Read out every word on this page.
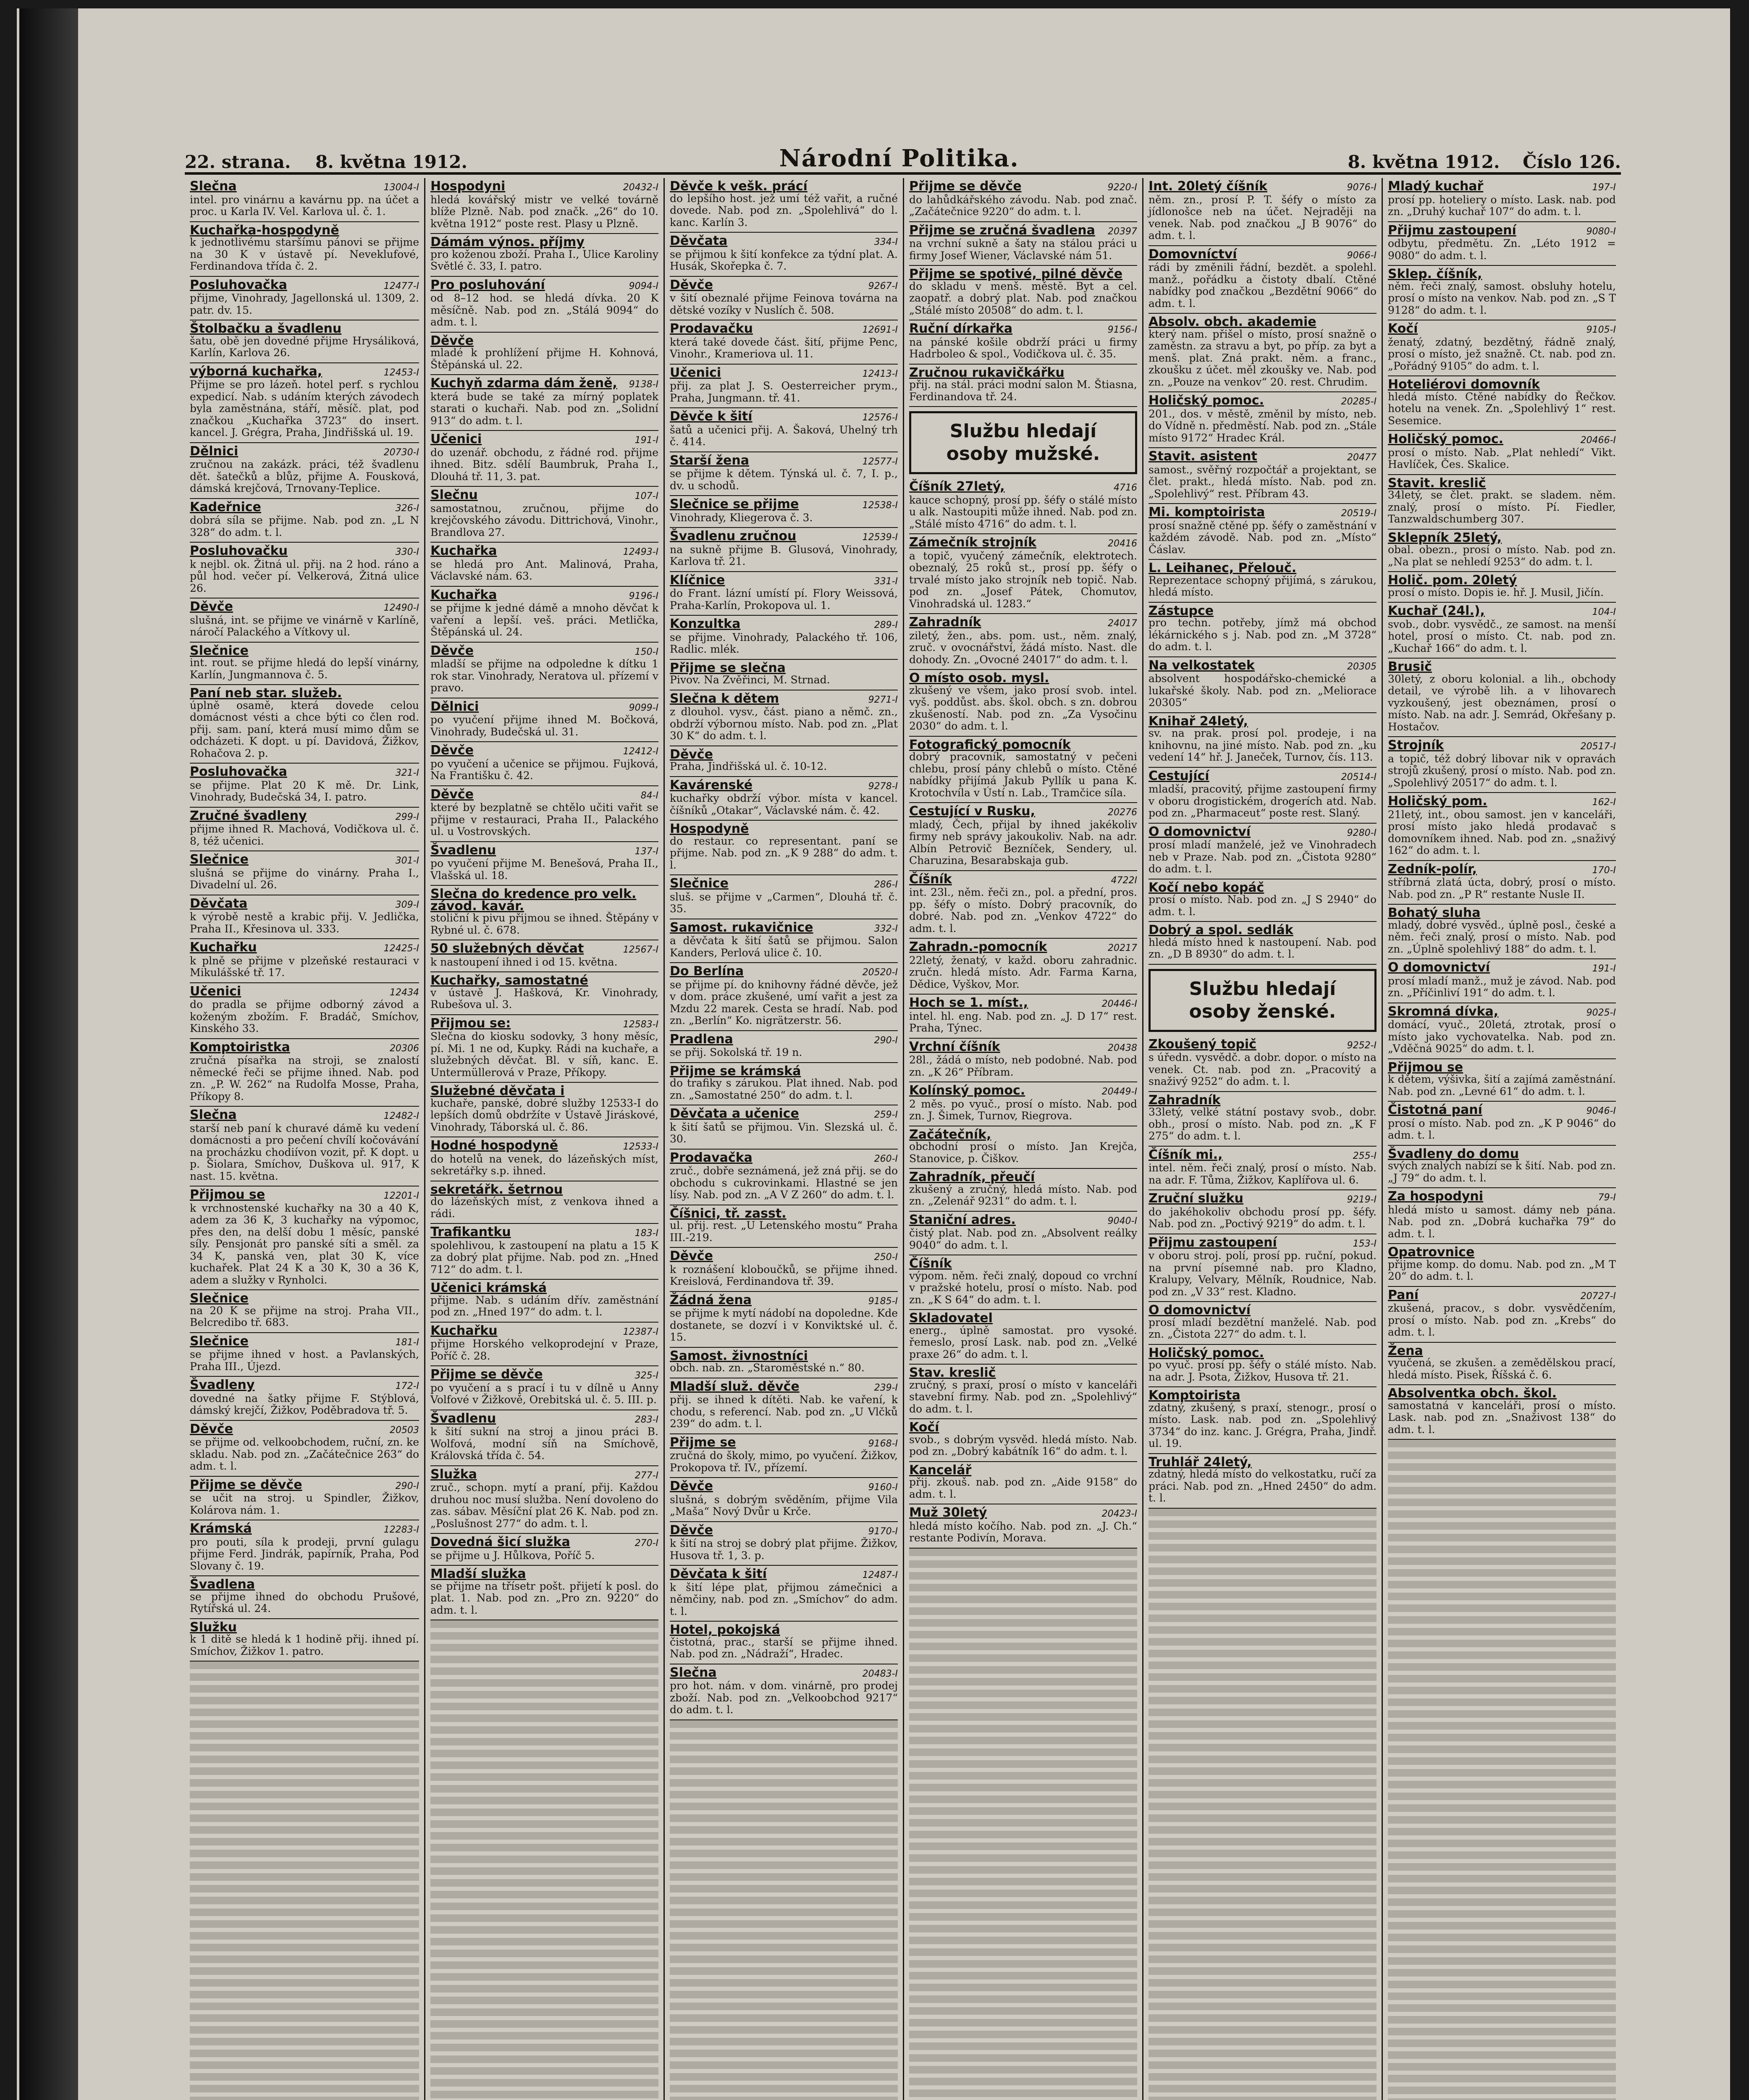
22. strana. 8. května 1912.	Národní Politika.	8. května 1912. Číslo 126.
Slečna	13004-I
intel. pro vinárnu a kavárnu pp. na účet a proc. u Karla IV. Vel. Karlova ul. č. 1.
Kuchařka-hospodyně
k jednotlivému staršímu pánovi se přijme na 30 K v ústavě pí. Neveklufové, Ferdinandova třída č. 2.
Posluhovačka	12477-I
přijme, Vinohrady, Jagellonská ul. 1309, 2. patr. dv. 15.
Štolbačku a švadlenu
šatu, obě jen dovedné přijme Hrysáliková, Karlín, Karlova 26.
výborná kuchařka,	12453-I
Přijme se pro lázeň. hotel perf. s rychlou expedicí. Nab. s udáním kterých závodech byla zaměstnána, stáří, měsíč. plat, pod značkou „Kuchařka 3723“ do insert. kancel. J. Grégra, Praha, Jindřišská ul. 19.
Dělnici	20730-I
zručnou na zakázk. práci, též švadlenu dět. šatečků a blůz, přijme A. Fousková, dámská krejčová, Trnovany-Teplice.
Kadeřnice	326-I
dobrá síla se přijme. Nab. pod zn. „L N 328“ do adm. t. l.
Posluhovačku	330-I
k nejbl. ok. Žitná ul. přij. na 2 hod. ráno a půl hod. večer pí. Velkerová, Žitná ulice 26.
Děvče	12490-I
slušná, int. se přijme ve vinárně v Karlíně, náročí Palackého a Vítkovy ul.
Slečnice
int. rout. se přijme hledá do lepší vinárny, Karlín, Jungmannova č. 5.
Paní neb star. služeb.
úplně osamě, která dovede celou domácnost vésti a chce býti co člen rod. přij. sam. paní, která musí mimo dům se odcházeti. K dopt. u pí. Davidová, Žižkov, Rohačova 2. p.
Posluhovačka	321-I
se přijme. Plat 20 K mě. Dr. Link, Vinohrady, Budečská 34, I. patro.
Zručné švadleny	299-I
přijme ihned R. Machová, Vodičkova ul. č. 8, též učenici.
Slečnice	301-I
slušná se přijme do vinárny. Praha I., Divadelní ul. 26.
Děvčata	309-I
k výrobě nestě a krabic přij. V. Jedlička, Praha II., Křesinova ul. 333.
Kuchařku	12425-I
k plně se přijme v plzeňské restauraci v Mikulášské tř. 17.
Učenici	12434
do pradla se přijme odborný závod a koženým zbožím. F. Bradáč, Smíchov, Kinského 33.
Komptoiristka	20306
zručná písařka na stroji, se znalostí německé řeči se přijme ihned. Nab. pod zn. „P. W. 262“ na Rudolfa Mosse, Praha, Příkopy 8.
Slečna	12482-I
starší neb paní k churavé dámě ku vedení domácnosti a pro pečení chvílí kočovávání na procházku chodiívon vozit, př. K dopt. u p. Šiolara, Smíchov, Duškova ul. 917, K nast. 15. května.
Přijmou se	12201-I
k vrchnostenské kuchařky na 30 a 40 K, adem za 36 K, 3 kuchařky na výpomoc, přes den, na delší dobu 1 měsíc, panské síly. Pensjonát pro panské síti a směl. za 34 K, panská ven, plat 30 K, více kuchařek. Plat 24 K a 30 K, 30 a 36 K, adem a služky v Rynholci.
Slečnice
na 20 K se přijme na stroj. Praha VII., Belcredibo tř. 683.
Slečnice	181-I
se přijme ihned v host. a Pavlanských, Praha III., Újezd.
Švadleny	172-I
dovedné na šatky přijme F. Stýblová, dámský krejčí, Žižkov, Poděbradova tř. 5.
Děvče	20503
se přijme od. velkoobchodem, ruční, zn. ke skladu. Nab. pod zn. „Začátečnice 263“ do adm. t. l.
Přijme se děvče	290-I
se učit na stroj. u Spindler, Žižkov, Kolárova nám. 1.
Krámská	12283-I
pro pouti, síla k prodeji, první gulagu přijme Ferd. Jindrák, papírník, Praha, Pod Slovany č. 19.
Švadlena
se přijme ihned do obchodu Prušové, Rytířská ul. 24.
Služku
k 1 ditě se hledá k 1 hodině přij. ihned pí. Smíchov, Žižkov 1. patro.
Hospodyni	20432-I
hledá kovářský mistr ve velké továrně blíže Plzně. Nab. pod značk. „26“ do 10. května 1912“ poste rest. Plasy u Plzně.
Dámám výnos. příjmy
pro koženou zboží. Praha I., Ulice Karoliny Světlé č. 33, I. patro.
Pro posluhování	9094-I
od 8–12 hod. se hledá dívka. 20 K měsíčně. Nab. pod zn. „Stálá 9094“ do adm. t. l.
Děvče
mladé k prohlížení přijme H. Kohnová, Štěpánská ul. 22.
Kuchyň zdarma dám ženě, 9138-I
která bude se také za mírný poplatek starati o kuchaři. Nab. pod zn. „Solidní 913“ do adm. t. l.
Učenici	191-I
do uzenář. obchodu, z řádné rod. přijme ihned. Bitz. sdělí Baumbruk, Praha I., Dlouhá tř. 11, 3. pat.
Slečnu	107-I
samostatnou, zručnou, přijme do krejčovského závodu. Dittrichová, Vinohr., Brandlova 27.
Kuchařka	12493-I
se hledá pro Ant. Malinová, Praha, Václavské nám. 63.
Kuchařka	9196-I
se přijme k jedné dámě a mnoho děvčat k vaření a lepší. veš. práci. Metlička, Štěpánská ul. 24.
Děvče	150-I
mladší se přijme na odpoledne k dítku 1 rok star. Vinohrady, Neratova ul. přízemí v pravo.
Dělnici	9099-I
po vyučení přijme ihned M. Bočková, Vinohrady, Budečská ul. 31.
Děvče	12412-I
po vyučení a učenice se přijmou. Fujková, Na Františku č. 42.
Děvče	84-I
které by bezplatně se chtělo učiti vařit se přijme v restauraci, Praha II., Palackého ul. u Vostrovských.
Švadlenu	137-I
po vyučení přijme M. Benešová, Praha II., Vlašská ul. 18.
Slečna do kredence pro velk. závod. kavár.
stoliční k pivu přijmou se ihned. Štěpány v Rybné ul. č. 678.
50 služebných děvčat	12567-I
k nastoupení ihned i od 15. května.
Kuchařky, samostatné
v ústavě J. Hašková, Kr. Vinohrady, Rubešova ul. 3.
Přijmou se:	12583-I
Slečna do kiosku sodovky, 3 hony měsíc, pí. Mi. 1 ne od, Kupky. Rádi na kuchaře, a služebných děvčat. Bl. v síň, kanc. E. Untermüllerová v Praze, Příkopy.
Služebné děvčata i
kuchaře, panské, dobré služby 12533-I do lepších domů obdržíte v Ústavě Jiráskové, Vinohrady, Táborská ul. č. 86.
Hodné hospodyně	12533-I
do hotelů na venek, do lázeňských míst, sekretářky s.p. ihned.
sekretářk. šetrnou
do lázeňských míst, z venkova ihned a rádi.
Trafikantku	183-I
spolehlivou, k zastoupení na platu a 15 K za dobrý plat přijme. Nab. pod zn. „Hned 712“ do adm. t. l.
Učenici krámská
přijme. Nab. s udáním dřív. zaměstnání pod zn. „Hned 197“ do adm. t. l.
Kuchařku	12387-I
přijme Horského velkoprodejní v Praze, Poříč č. 28.
Přijme se děvče	325-I
po vyučení a s prací i tu v dílně u Anny Volfové v Žižkově, Orebitská ul. č. 5. III. p.
Švadlenu	283-I
k šití sukní na stroj a jinou práci B. Wolfová, modní síň na Smíchově, Královská třída č. 54.
Služka	277-I
zruč., schopn. mytí a praní, přij. Každou druhou noc musí služba. Není dovoleno do zas. sábav. Měsíční plat 26 K. Nab. pod zn. „Poslušnost 277“ do adm. t. l.
Dovedná šicí služka	270-I
se přijme u J. Hůlkova, Poříč 5.
Mladší služka
se přijme na třísetr pošt. přijetí k posl. do plat. 1. Nab. pod zn. „Pro zn. 9220“ do adm. t. l.
Děvče k vešk. prácí
do lepšího host. jež umí též vařit, a ručné dovede. Nab. pod zn. „Spolehlivá“ do l. kanc. Karlín 3.
Děvčata	334-I
se přijmou k šití konfekce za týdní plat. A. Husák, Skořepka č. 7.
Děvče	9267-I
v šití obeznalé přijme Feinova továrna na dětské vozíky v Nuslích č. 508.
Prodavačku	12691-I
která také dovede část. šití, přijme Penc, Vinohr., Krameriova ul. 11.
Učenici	12413-I
přij. za plat J. S. Oesterreicher prym., Praha, Jungmann. tř. 41.
Děvče k šití	12576-I
šatů a učenici přij. A. Šaková, Uhelný trh č. 414.
Starší žena	12577-I
se přijme k dětem. Týnská ul. č. 7, I. p., dv. u schodů.
Slečnice se přijme	12538-I
Vinohrady, Kliegerova č. 3.
Švadlenu zručnou	12539-I
na sukně přijme B. Glusová, Vinohrady, Karlova tř. 21.
Klíčnice	331-I
do Frant. lázní umístí pí. Flory Weissová, Praha-Karlín, Prokopova ul. 1.
Konzultka	289-I
se přijme. Vinohrady, Palackého tř. 106, Radlic. mlék.
Přijme se slečna
Pivov. Na Zvěřinci, M. Strnad.
Slečna k dětem	9271-I
z dlouhol. vysv., část. piano a němč. zn., obdrží výbornou místo. Nab. pod zn. „Plat 30 K“ do adm. t. l.
Děvče
Praha, Jindřišská ul. č. 10-12.
Kavárenské	9278-I
kuchařky obdrží výbor. místa v kancel. číšníků „Otakar“, Václavské nám. č. 42.
Hospodyně
do restaur. co representant. paní se přijme. Nab. pod zn. „K 9 288“ do adm. t. l.
Slečnice	286-I
sluš. se přijme v „Carmen“, Dlouhá tř. č. 35.
Samost. rukavičnice	332-I
a děvčata k šití šatů se přijmou. Salon Kanders, Perlová ulice č. 10.
Do Berlína	20520-I
se přijme pí. do knihovny řádné děvče, jež v dom. práce zkušené, umí vařit a jest za Mzdu 22 marek. Cesta se hradí. Nab. pod zn. „Berlín“ Ko. nigrätzerstr. 56.
Pradlena	290-I
se přij. Sokolská tř. 19 n.
Přijme se krámská
do trafiky s zárukou. Plat ihned. Nab. pod zn. „Samostatné 250“ do adm. t. l.
Děvčata a učenice	259-I
k šití šatů se přijmou. Vin. Slezská ul. č. 30.
Prodavačka	260-I
zruč., dobře seznámená, jež zná přij. se do obchodu s cukrovinkami. Hlastné se jen lísy. Nab. pod zn. „A V Z 260“ do adm. t. l.
Číšnici, tř. zasst.
ul. přij. rest. „U Letenského mostu“ Praha III.-219.
Děvče	250-I
k roznášení kloboučků, se přijme ihned. Kreislová, Ferdinandova tř. 39.
Žádná žena	9185-I
se přijme k mytí nádobí na dopoledne. Kde dostanete, se dozví i v Konviktské ul. č. 15.
Samost. živnostníci
obch. nab. zn. „Staroměstské n.“ 80.
Mladší služ. děvče	239-I
přij. se ihned k dítěti. Nab. ke vaření, k chodu, s referencí. Nab. pod zn. „U Vlčků 239“ do adm. t. l.
Přijme se	9168-I
zručná do školy, mimo, po vyučení. Žižkov, Prokopova tř. IV., přízemí.
Děvče	9160-I
slušná, s dobrým svěděním, přijme Vila „Maša“ Nový Dvůr u Krče.
Děvče	9170-I
k šití na stroj se dobrý plat přijme. Žižkov, Husova tř. 1, 3. p.
Děvčata k šití	12487-I
k šití lépe plat, přijmou zámečnici a němčiny, nab. pod zn. „Smíchov“ do adm. t. l.
Hotel, pokojská
čistotná, prac., starší se přijme ihned. Nab. pod zn. „Nádraží“, Hradec.
Slečna	20483-I
pro hot. nám. v dom. vinárně, pro prodej zboží. Nab. pod zn. „Velkoobchod 9217“ do adm. t. l.
Přijme se děvče	9220-I
do lahůdkářského závodu. Nab. pod znač. „Začátečnice 9220“ do adm. t. l.
Přijme se zručná švadlena 20397
na vrchní sukně a šaty na stálou práci u firmy Josef Wiener, Václavské nám 51.
Přijme se spotivé, pilné děvče
do skladu v menš. městě. Byt a cel. zaopatř. a dobrý plat. Nab. pod značkou „Stálé místo 20508“ do adm. t. l.
Ruční dírkařka	9156-I
na pánské košile obdrží práci u firmy Hadrboleo & spol., Vodičkova ul. č. 35.
Zručnou rukavičkářku
přij. na stál. práci modní salon M. Štiasna, Ferdinandova tř. 24.
Službu hledají
osoby mužské.
Číšník 27letý,	4716
kauce schopný, prosí pp. šéfy o stálé místo u alk. Nastoupiti může ihned. Nab. pod zn. „Stálé místo 4716“ do adm. t. l.
Zámečník strojník	20416
a topič, vyučený zámečník, elektrotech. obeznalý, 25 roků st., prosí pp. šéfy o trvalé místo jako strojník neb topič. Nab. pod zn. „Josef Pátek, Chomutov, Vinohradská ul. 1283.“
Zahradník	24017
ziletý, žen., abs. pom. ust., něm. znalý, zruč. v ovocnářství, žádá místo. Nast. dle dohody. Zn. „Ovocné 24017“ do adm. t. l.
O místo osob. mysl.
zkušený ve všem, jako prosí svob. intel. vyš. poddůst. abs. škol. obch. s zn. dobrou zkušeností. Nab. pod zn. „Za Vysočinu 2030“ do adm. t. l.
Fotografický pomocník
dobrý pracovník, samostatný v pečeni chlebu, prosí pány chlebů o místo. Ctěné nabídky přijímá Jakub Pyllík u pana K. Krotochvíla v Ústí n. Lab., Tramčice síla.
Cestující v Rusku,	20276
mladý, Čech, přijal by ihned jakékoliv firmy neb správy jakoukoliv. Nab. na adr. Albín Petrovič Bezníček, Sendery, ul. Charuzina, Besarabskaja gub.
Číšník	4722I
int. 23l., něm. řeči zn., pol. a přední, pros. pp. šéfy o místo. Dobrý pracovník, do dobré. Nab. pod zn. „Venkov 4722“ do adm. t. l.
Zahradn.-pomocník	20217
22letý, ženatý, v každ. oboru zahradnic. zručn. hledá místo. Adr. Farma Karna, Dědice, Vyškov, Mor.
Hoch se 1. míst.,	20446-I
intel. hl. eng. Nab. pod zn. „J. D 17“ rest. Praha, Týnec.
Vrchní číšník	20438
28l., žádá o místo, neb podobné. Nab. pod zn. „K 26“ Příbram.
Kolínský pomoc.	20449-I
2 měs. po vyuč., prosí o místo. Nab. pod zn. J. Šimek, Turnov, Riegrova.
Začátečník,
obchodní prosí o místo. Jan Krejča, Stanovice, p. Čiškov.
Zahradník, přeučí
zkušený a zručný, hledá místo. Nab. pod zn. „Zelenář 9231“ do adm. t. l.
Staniční adres.	9040-I
čistý plat. Nab. pod zn. „Absolvent reálky 9040“ do adm. t. l.
Číšník
výpom. něm. řeči znalý, dopoud co vrchní v pražské hotelu, prosí o místo. Nab. pod zn. „K S 64“ do adm. t. l.
Skladovatel
energ., úplně samostat. pro vysoké. řemeslo, prosí Lask. nab. pod zn. „Velké praxe 26“ do adm. t. l.
Stav. kreslič
zručný, s praxí, prosí o místo v kanceláři stavební firmy. Nab. pod zn. „Spolehlivý“ do adm. t. l.
Kočí
svob., s dobrým vysvěd. hledá místo. Nab. pod zn. „Dobrý kabátník 16“ do adm. t. l.
Kancelář
přij. zkouš. nab. pod zn. „Aide 9158“ do adm. t. l.
Muž 30letý	20423-I
hledá místo kočího. Nab. pod zn. „J. Ch.“ restante Podivín, Morava.
Int. 20letý číšník	9076-I
něm. zn., prosí P. T. šéfy o místo za jídlonošce neb na účet. Nejraději na venek. Nab. pod značkou „J B 9076“ do adm. t. l.
Domovníctví	9066-I
rádi by změnili řádní, bezdět. a spolehl. manž., pořádku a čistoty dbalí. Ctěné nabídky pod značkou „Bezdětní 9066“ do adm. t. l.
Absolv. obch. akademie
který nam. přišel o místo, prosí snažně o zaměstn. za stravu a byt, po příp. za byt a menš. plat. Zná prakt. něm. a franc., zkoušku z účet. měl zkoušky ve. Nab. pod zn. „Pouze na venkov“ 20. rest. Chrudim.
Holičský pomoc.	20285-I
201., dos. v městě, změnil by místo, neb. do Vídně n. předměstí. Nab. pod zn. „Stále místo 9172“ Hradec Král.
Stavit. asistent	20477
samost., svěřný rozpočtář a projektant, se člet. prakt., hledá místo. Nab. pod zn. „Spolehlivý“ rest. Příbram 43.
Mi. komptoirista	20519-I
prosí snažně ctěné pp. šéfy o zaměstnání v každém závodě. Nab. pod zn. „Místo“ Čáslav.
L. Leihanec, Přelouč.
Reprezentace schopný přijímá, s zárukou, hledá místo.
Zástupce
pro techn. potřeby, jímž má obchod lékárnického s j. Nab. pod zn. „M 3728“ do adm. t. l.
Na velkostatek	20305
absolvent hospodářsko-chemické a lukařské školy. Nab. pod zn. „Meliorace 20305“
Knihař 24letý,
sv. na prak. prosí pol. prodeje, i na knihovnu, na jiné místo. Nab. pod zn. „ku vedení 14“ hř. J. Janeček, Turnov, čís. 113.
Cestující	20514-I
mladší, pracovitý, přijme zastoupení firmy v oboru drogistickém, drogerích atd. Nab. pod zn. „Pharmaceut“ poste rest. Slaný.
O domovnictví	9280-I
prosí mladí manželé, jež ve Vinohradech neb v Praze. Nab. pod zn. „Čistota 9280“ do adm. t. l.
Kočí nebo kopáč
prosí o místo. Nab. pod zn. „J S 2940“ do adm. t. l.
Dobrý a spol. sedlák
hledá místo hned k nastoupení. Nab. pod zn. „D B 8930“ do adm. t. l.
Službu hledají
osoby ženské.
Zkoušený topič	9252-I
s úředn. vysvědč. a dobr. dopor. o místo na venek. Ct. nab. pod zn. „Pracovitý a snaživý 9252“ do adm. t. l.
Zahradník
33letý, velké státní postavy svob., dobr. obh., prosí o místo. Nab. pod zn. „K F 275“ do adm. t. l.
Číšník mi.,	255-I
intel. něm. řeči znalý, prosí o místo. Nab. na adr. F. Tůma, Žižkov, Kaplířova ul. 6.
Zruční služku	9219-I
do jakéhokoliv obchodu prosí pp. šéfy. Nab. pod zn. „Poctivý 9219“ do adm. t. l.
Přijmu zastoupení	153-I
v oboru stroj. polí, prosí pp. ruční, pokud. na první písemné nab. pro Kladno, Kralupy, Velvary, Mělník, Roudnice, Nab. pod zn. „V 33“ rest. Kladno.
O domovnictví
prosí mladí bezdětní manželé. Nab. pod zn. „Čistota 227“ do adm. t. l.
Holičský pomoc.
po vyuč. prosí pp. šéfy o stálé místo. Nab. na adr. J. Psota, Žižkov, Husova tř. 21.
Komptoirista
zdatný, zkušený, s praxí, stenogr., prosí o místo. Lask. nab. pod zn. „Spolehlivý 3734“ do inz. kanc. J. Grégra, Praha, Jindř. ul. 19.
Truhlář 24letý,
zdatný, hledá místo do velkostatku, ručí za práci. Nab. pod zn. „Hned 2450“ do adm. t. l.
Mladý kuchař	197-I
prosí pp. hoteliery o místo. Lask. nab. pod zn. „Druhý kuchař 107“ do adm. t. l.
Přijmu zastoupení	9080-I
odbytu, předmětu. Zn. „Léto 1912 = 9080“ do adm. t. l.
Sklep. číšník,
něm. řeči znalý, samost. obsluhy hotelu, prosí o místo na venkov. Nab. pod zn. „S T 9128“ do adm. t. l.
Kočí	9105-I
ženatý, zdatný, bezdětný, řádně znalý, prosí o místo, jež snažně. Ct. nab. pod zn. „Pořádný 9105“ do adm. t. l.
Hoteliérovi domovník
hledá místo. Ctěné nabídky do Řečkov. hotelu na venek. Zn. „Spolehlivý 1“ rest. Sesemice.
Holičský pomoc.	20466-I
prosí o místo. Nab. „Plat nehledí“ Vikt. Havlíček, Čes. Skalice.
Stavit. kreslič
34letý, se člet. prakt. se sladem. něm. znalý, prosí o místo. Pí. Fiedler, Tanzwaldschumberg 307.
Sklepník 25letý,
obal. obezn., prosí o místo. Nab. pod zn. „Na plat se nehledí 9253“ do adm. t. l.
Holič. pom. 20letý
prosí o místo. Dopis ie. hř. J. Musil, Jičín.
Kuchař (24l.),	104-I
svob., dobr. vysvědč., ze samost. na menší hotel, prosí o místo. Ct. nab. pod zn. „Kuchař 166“ do adm. t. l.
Brusič
30letý, z oboru kolonial. a lih., obchody detail, ve výrobě lih. a v lihovarech vyzkoušený, jest obeznámen, prosí o místo. Nab. na adr. J. Semrád, Okřešany p. Hostačov.
Strojník	20517-I
a topič, též dobrý libovar nik v opravách strojů zkušený, prosí o místo. Nab. pod zn. „Spolehlivý 20517“ do adm. t. l.
Holičský pom.	162-I
21letý, int., obou samost. jen v kanceláři, prosí místo jako hledá prodavač s domovníkem ihned. Nab. pod zn. „snaživý 162“ do adm. t. l.
Zedník-polír,	170-I
stříbrná zlatá úcta, dobrý, prosí o místo. Nab. pod zn. „P R“ restante Nusle II.
Bohatý sluha
mladý, dobré vysvěd., úplně posl., české a něm. řeči znalý, prosí o místo. Nab. pod zn. „Úplně spolehlivý 188“ do adm. t. l.
O domovnictví	191-I
prosí mladí manž., muž je závod. Nab. pod zn. „Příčinliví 191“ do adm. t. l.
Skromná dívka,	9025-I
domácí, vyuč., 20letá, ztrotak, prosí o místo jako vychovatelka. Nab. pod zn. „Vděčná 9025“ do adm. t. l.
Přijmou se
k dětem, výšivka, šití a zajímá zaměstnání. Nab. pod zn. „Levné 61“ do adm. t. l.
Čistotná paní	9046-I
prosí o místo. Nab. pod zn. „K P 9046“ do adm. t. l.
Švadleny do domu
svých znalých nabízí se k šití. Nab. pod zn. „J 79“ do adm. t. l.
Za hospodyni	79-I
hledá místo u samost. dámy neb pána. Nab. pod zn. „Dobrá kuchařka 79“ do adm. t. l.
Opatrovnice
přijme komp. do domu. Nab. pod zn. „M T 20“ do adm. t. l.
Paní	20727-I
zkušená, pracov., s dobr. vysvědčením, prosí o místo. Nab. pod zn. „Krebs“ do adm. t. l.
Žena
vyučená, se zkušen. a zemědělskou prací, hledá místo. Pisek, Říšská č. 6.
Absolventka obch. škol.
samostatná v kanceláři, prosí o místo. Lask. nab. pod zn. „Snaživost 138“ do adm. t. l.
